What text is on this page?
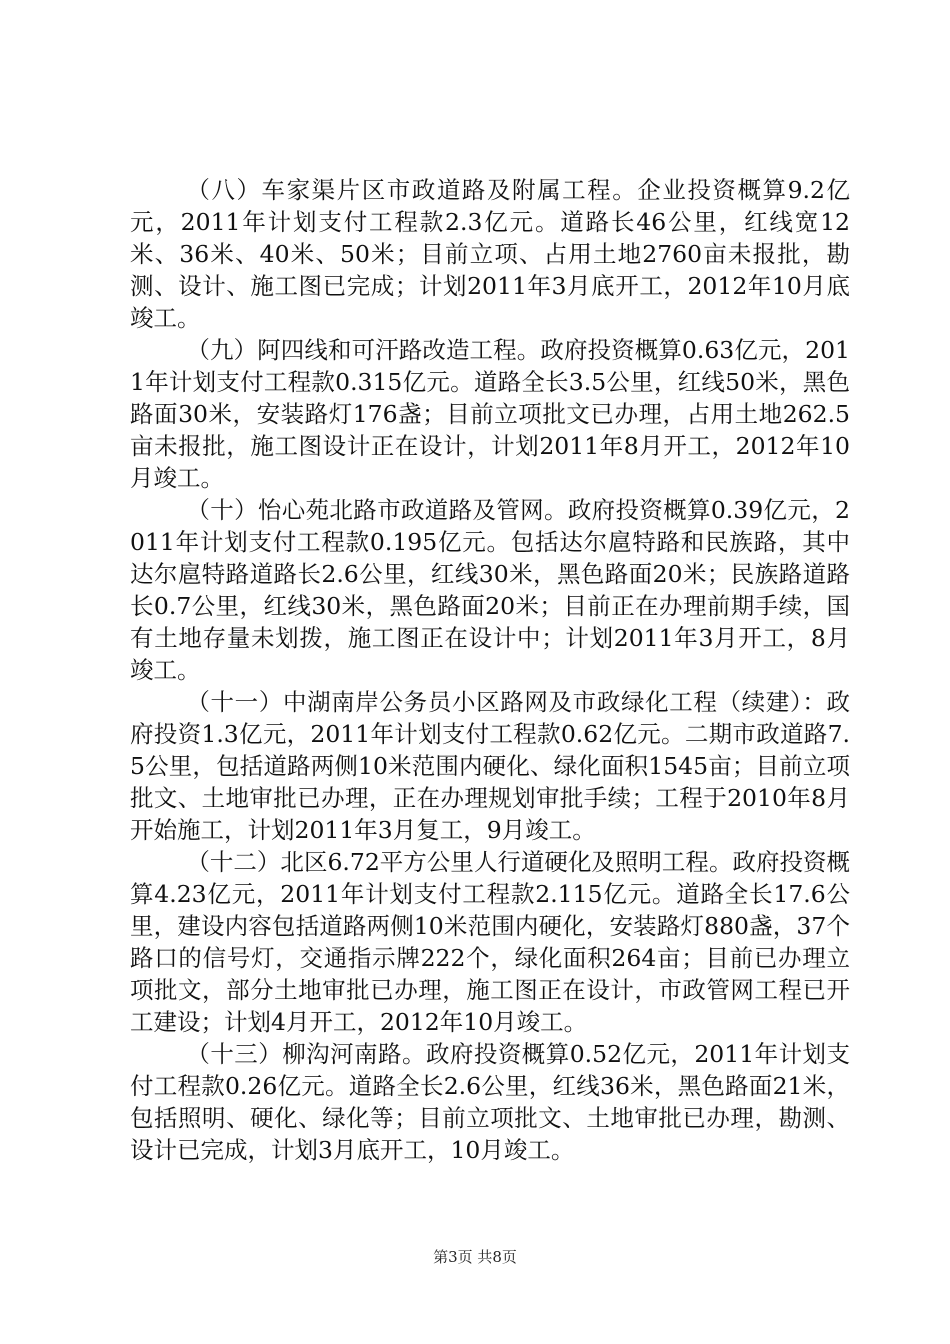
（八）车家渠片区市政道路及附属工程。企业投资概算9.2亿元，2011年计划支付工程款2.3亿元。道路长46公里，红线宽12米、36米、40米、50米；目前立项、占用土地2760亩未报批，勘测、设计、施工图已完成；计划2011年3月底开工，2012年10月底竣工。

（九）阿四线和可汗路改造工程。政府投资概算0.63亿元，2011年计划支付工程款0.315亿元。道路全长3.5公里，红线50米，黑色路面30米，安装路灯176盏；目前立项批文已办理，占用土地262.5亩未报批，施工图设计正在设计，计划2011年8月开工，2012年10月竣工。

（十）怡心苑北路市政道路及管网。政府投资概算0.39亿元，2011年计划支付工程款0.195亿元。包括达尔扈特路和民族路，其中达尔扈特路道路长2.6公里，红线30米，黑色路面20米；民族路道路长0.7公里，红线30米，黑色路面20米；目前正在办理前期手续，国有土地存量未划拨，施工图正在设计中；计划2011年3月开工，8月竣工。

（十一）中湖南岸公务员小区路网及市政绿化工程（续建）：政府投资1.3亿元，2011年计划支付工程款0.62亿元。二期市政道路7.5公里，包括道路两侧10米范围内硬化、绿化面积1545亩；目前立项批文、土地审批已办理，正在办理规划审批手续；工程于2010年8月开始施工，计划2011年3月复工，9月竣工。

（十二）北区6.72平方公里人行道硬化及照明工程。政府投资概算4.23亿元，2011年计划支付工程款2.115亿元。道路全长17.6公里，建设内容包括道路两侧10米范围内硬化，安装路灯880盏，37个路口的信号灯，交通指示牌222个，绿化面积264亩；目前已办理立项批文，部分土地审批已办理，施工图正在设计，市政管网工程已开工建设；计划4月开工，2012年10月竣工。

（十三）柳沟河南路。政府投资概算0.52亿元，2011年计划支付工程款0.26亿元。道路全长2.6公里，红线36米，黑色路面21米，包括照明、硬化、绿化等；目前立项批文、土地审批已办理，勘测、设计已完成，计划3月底开工，10月竣工。

第3页 共8页
